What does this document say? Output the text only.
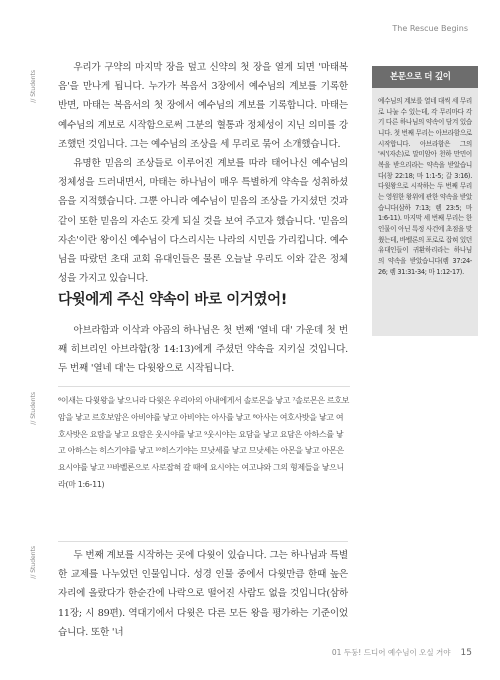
The Rescue Begins
// Students
// Students
// Students

우리가 구약의 마지막 장을 덮고 신약의 첫 장을 열게 되면 '마태복음'을 만나게 됩니다. 누가가 복음서 3장에서 예수님의 계보를 기록한 반면, 마태는 복음서의 첫 장에서 예수님의 계보를 기록합니다. 마태는 예수님의 계보로 시작함으로써 그분의 혈통과 정체성이 지닌 의미를 강조했던 것입니다. 그는 예수님의 조상을 세 무리로 묶어 소개했습니다.

유명한 믿음의 조상들로 이루어진 계보를 따라 태어나신 예수님의 정체성을 드러내면서, 마태는 하나님이 매우 특별하게 약속을 성취하셨음을 지적했습니다. 그뿐 아니라 예수님이 믿음의 조상을 가지셨던 것과 같이 또한 믿음의 자손도 갖게 되실 것을 보여 주고자 했습니다. '믿음의 자손'이란 왕이신 예수님이 다스리시는 나라의 시민을 가리킵니다. 예수님을 따랐던 초대 교회 유대인들은 물론 오늘날 우리도 이와 같은 정체성을 가지고 있습니다.

다윗에게 주신 약속이 바로 이거였어!

아브라함과 이삭과 야곱의 하나님은 첫 번째 '열네 대' 가운데 첫 번째 히브리인 아브라함(창 14:13)에게 주셨던 약속을 지키실 것입니다. 두 번째 '열네 대'는 다윗왕으로 시작됩니다.

⁶이새는 다윗왕을 낳으니라 다윗은 우리아의 아내에게서 솔로몬을 낳고 ⁷솔로몬은 르호보암을 낳고 르호보암은 아비야를 낳고 아비야는 아사를 낳고 ⁸아사는 여호사밧을 낳고 여호사밧은 요람을 낳고 요람은 웃시야를 낳고 ⁹웃시야는 요담을 낳고 요담은 아하스를 낳고 아하스는 히스기야를 낳고 ¹⁰히스기야는 므낫세를 낳고 므낫세는 아몬을 낳고 아몬은 요시야를 낳고 ¹¹바벨론으로 사로잡혀 갈 때에 요시야는 여고냐와 그의 형제들을 낳으니라(마 1:6-11)

두 번째 계보를 시작하는 곳에 다윗이 있습니다. 그는 하나님과 특별한 교제를 나누었던 인물입니다. 성경 인물 중에서 다윗만큼 한때 높은 자리에 올랐다가 한순간에 나락으로 떨어진 사람도 없을 것입니다(삼하 11장; 시 89편). 역대기에서 다윗은 다른 모든 왕을 평가하는 기준이었습니다. 또한 '너

본문으로 더 깊이
예수님의 계보를 열네 대씩 세 무리로 나눌 수 있는데, 각 무리마다 각기 다른 하나님의 약속이 담겨 있습니다. 첫 번째 무리는 아브라함으로 시작합니다. 아브라함은 그의 '씨'(자손)로 말미암아 천하 만민이 복을 받으리라는 약속을 받았습니다(창 22:18; 마 1:1-5; 갈 3:16). 다윗왕으로 시작하는 두 번째 무리는 영원한 왕위에 관한 약속을 받았습니다(삼하 7:13; 렘 23:5; 마 1:6-11). 마지막 세 번째 무리는 한 인물이 아닌 특정 사건에 초점을 맞췄는데, 바벨론의 포로로 잡혀 있던 유대인들이 귀환하리라는 하나님의 약속을 받았습니다(렘 37:24-26; 렘 31:31-34; 마 1:12-17).
01 두둥! 드디어 예수님이 오실 거야 15
